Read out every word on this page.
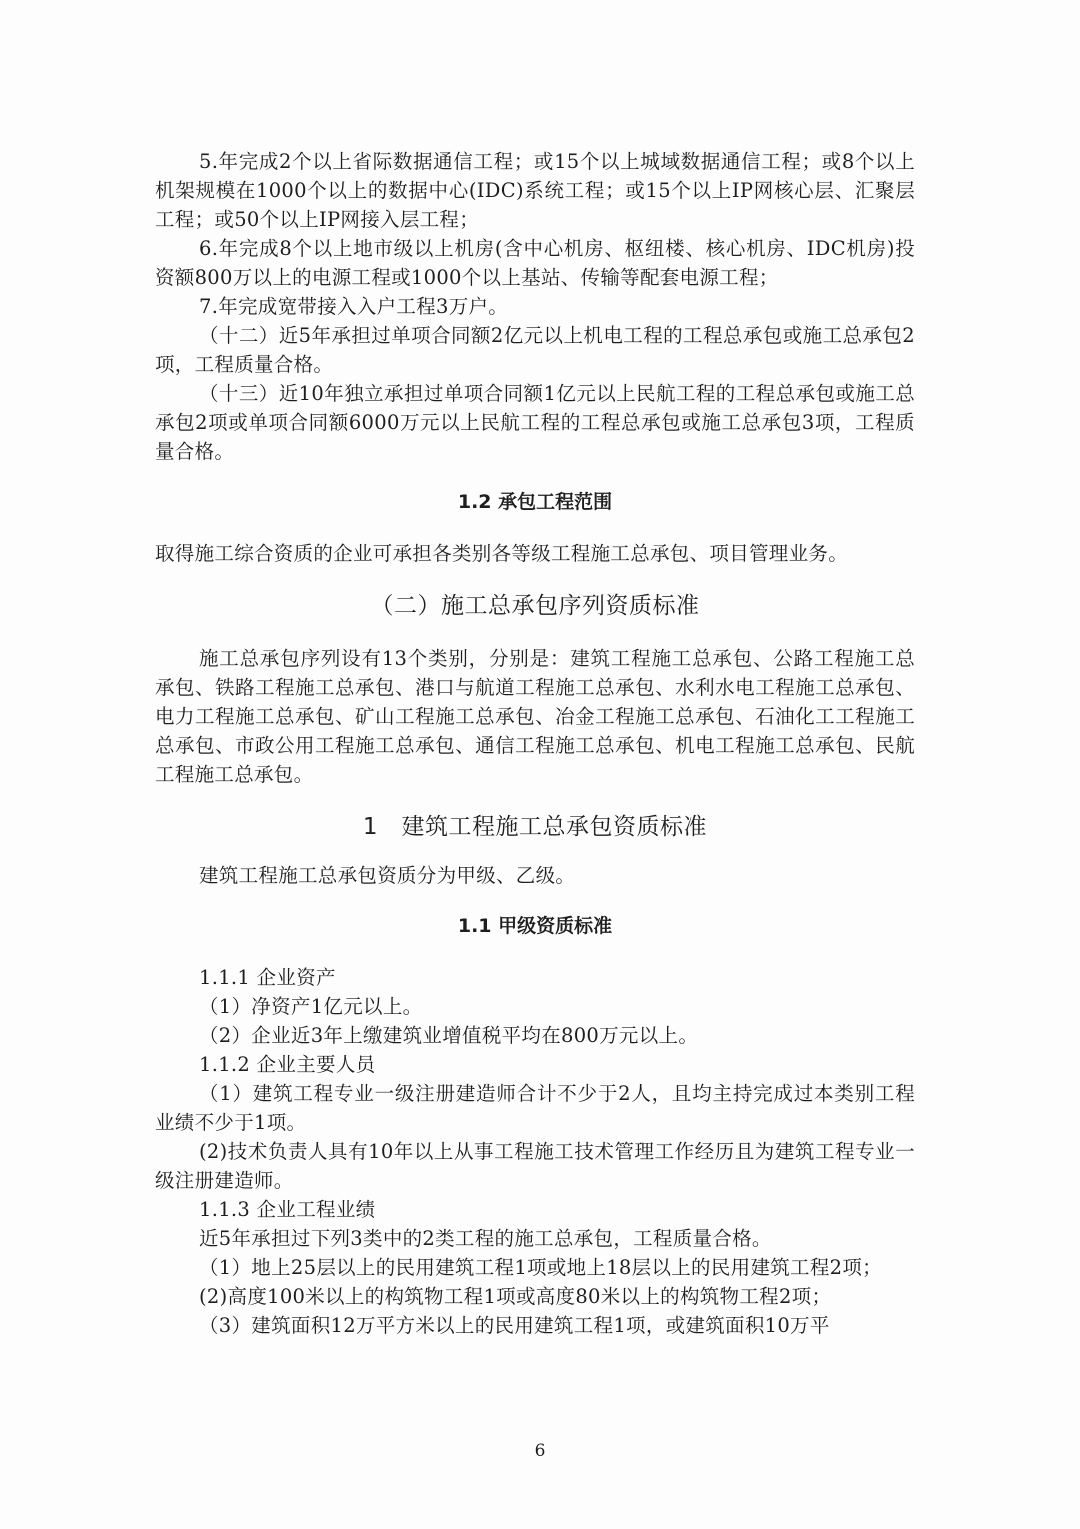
5.年完成2个以上省际数据通信工程；或15个以上城域数据通信工程；或8个以上机架规模在1000个以上的数据中心(IDC)系统工程；或15个以上IP网核心层、汇聚层工程；或50个以上IP网接入层工程；

6.年完成8个以上地市级以上机房(含中心机房、枢纽楼、核心机房、IDC机房)投资额800万以上的电源工程或1000个以上基站、传输等配套电源工程；

7.年完成宽带接入入户工程3万户。

（十二）近5年承担过单项合同额2亿元以上机电工程的工程总承包或施工总承包2项，工程质量合格。

（十三）近10年独立承担过单项合同额1亿元以上民航工程的工程总承包或施工总承包2项或单项合同额6000万元以上民航工程的工程总承包或施工总承包3项，工程质量合格。

1.2 承包工程范围

取得施工综合资质的企业可承担各类别各等级工程施工总承包、项目管理业务。

（二）施工总承包序列资质标准

施工总承包序列设有13个类别，分别是：建筑工程施工总承包、公路工程施工总承包、铁路工程施工总承包、港口与航道工程施工总承包、水利水电工程施工总承包、电力工程施工总承包、矿山工程施工总承包、冶金工程施工总承包、石油化工工程施工总承包、市政公用工程施工总承包、通信工程施工总承包、机电工程施工总承包、民航工程施工总承包。

1　建筑工程施工总承包资质标准

建筑工程施工总承包资质分为甲级、乙级。

1.1 甲级资质标准

1.1.1 企业资产

（1）净资产1亿元以上。

（2）企业近3年上缴建筑业增值税平均在800万元以上。

1.1.2 企业主要人员

（1）建筑工程专业一级注册建造师合计不少于2人，且均主持完成过本类别工程业绩不少于1项。

(2)技术负责人具有10年以上从事工程施工技术管理工作经历且为建筑工程专业一级注册建造师。

1.1.3 企业工程业绩

近5年承担过下列3类中的2类工程的施工总承包，工程质量合格。

（1）地上25层以上的民用建筑工程1项或地上18层以上的民用建筑工程2项；

(2)高度100米以上的构筑物工程1项或高度80米以上的构筑物工程2项；

（3）建筑面积12万平方米以上的民用建筑工程1项，或建筑面积10万平

6
